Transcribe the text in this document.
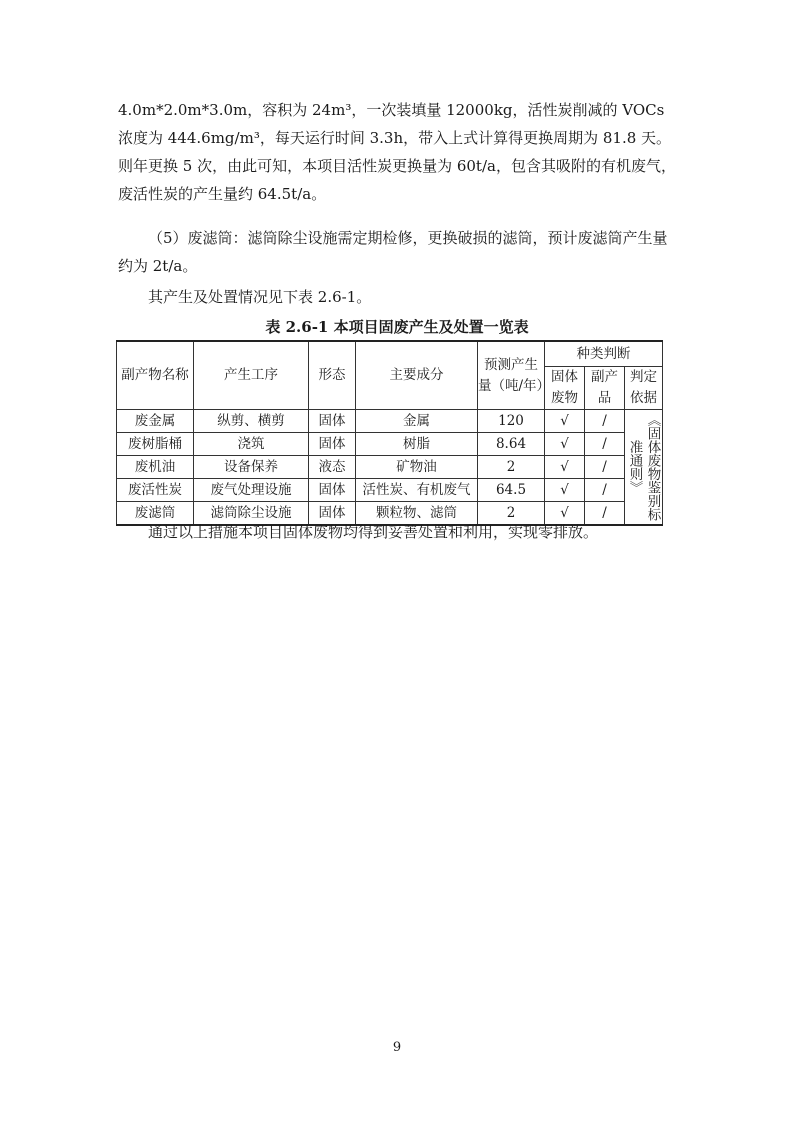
4.0m*2.0m*3.0m，容积为 24m³，一次装填量 12000kg，活性炭削减的 VOCs 浓度为 444.6mg/m³，每天运行时间 3.3h，带入上式计算得更换周期为 81.8 天。则年更换 5 次，由此可知，本项目活性炭更换量为 60t/a，包含其吸附的有机废气，废活性炭的产生量约 64.5t/a。

（5）废滤筒：滤筒除尘设施需定期检修，更换破损的滤筒，预计废滤筒产生量约为 2t/a。

其产生及处置情况见下表 2.6-1。

表 2.6-1 本项目固废产生及处置一览表
副产物名称	产生工序	形态	主要成分	预测产生量（吨/年）	种类判断		
					固体废物	副产品	判定依据
废金属	纵剪、横剪	固体	金属	120	√	/	《固体废物鉴别标准通则》

废树脂桶	浇筑	固体	树脂	8.64	√	/	
废机油	设备保养	液态	矿物油	2	√	/	
废活性炭	废气处理设施	固体	活性炭、有机废气	64.5	√	/	
废滤筒	滤筒除尘设施	固体	颗粒物、滤筒	2	√	/	

通过以上措施本项目固体废物均得到妥善处置和利用，实现零排放。

9
